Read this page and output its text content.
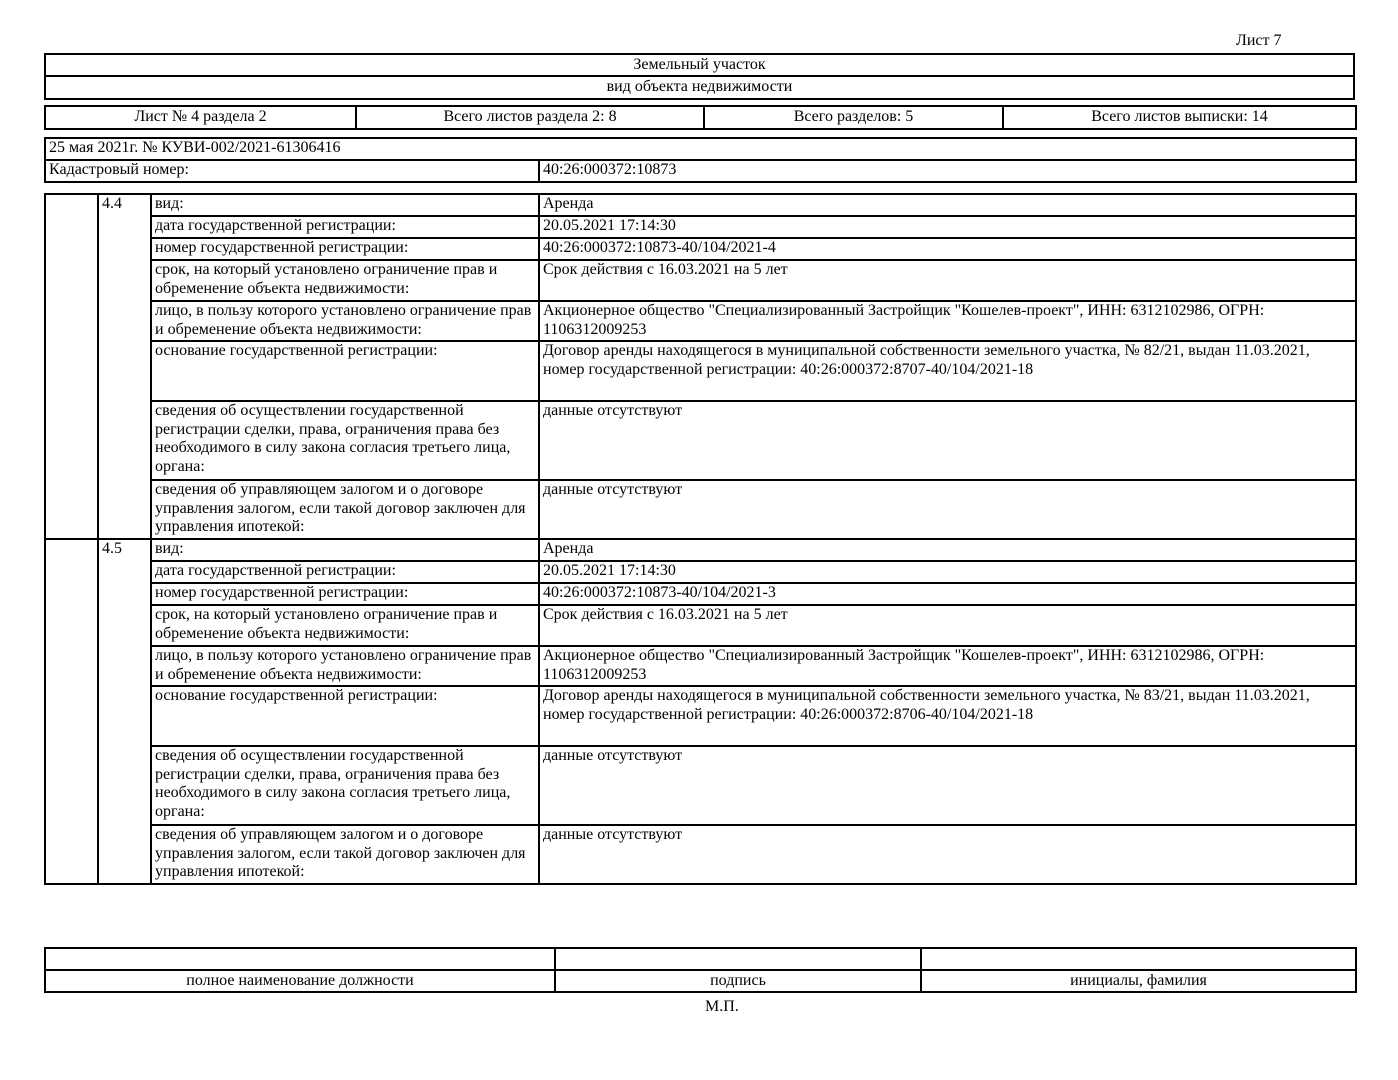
Лист 7
Земельный участок
вид объекта недвижимости
Лист № 4 раздела 2	Всего листов раздела 2: 8	Всего разделов: 5	Всего листов выписки: 14
25 мая 2021г. № КУВИ-002/2021-61306416
Кадастровый номер:	40:26:000372:10873
	4.4	вид:	Аренда
		дата государственной регистрации:	20.05.2021 17:14:30
		номер государственной регистрации:	40:26:000372:10873-40/104/2021-4
		срок, на который установлено ограничение прав и обременение объекта недвижимости:	Срок действия с 16.03.2021 на 5 лет
		лицо, в пользу которого установлено ограничение прав и обременение объекта недвижимости:	Акционерное общество "Специализированный Застройщик "Кошелев-проект", ИНН: 6312102986, ОГРН: 1106312009253
		основание государственной регистрации:	Договор аренды находящегося в муниципальной собственности земельного участка, № 82/21, выдан 11.03.2021, номер государственной регистрации: 40:26:000372:8707-40/104/2021-18
		сведения об осуществлении государственной регистрации сделки, права, ограничения права без необходимого в силу закона согласия третьего лица, органа:	данные отсутствуют
		сведения об управляющем залогом и о договоре управления залогом, если такой договор заключен для управления ипотекой:	данные отсутствуют
	4.5	вид:	Аренда
		дата государственной регистрации:	20.05.2021 17:14:30
		номер государственной регистрации:	40:26:000372:10873-40/104/2021-3
		срок, на который установлено ограничение прав и обременение объекта недвижимости:	Срок действия с 16.03.2021 на 5 лет
		лицо, в пользу которого установлено ограничение прав и обременение объекта недвижимости:	Акционерное общество "Специализированный Застройщик "Кошелев-проект", ИНН: 6312102986, ОГРН: 1106312009253
		основание государственной регистрации:	Договор аренды находящегося в муниципальной собственности земельного участка, № 83/21, выдан 11.03.2021, номер государственной регистрации: 40:26:000372:8706-40/104/2021-18
		сведения об осуществлении государственной регистрации сделки, права, ограничения права без необходимого в силу закона согласия третьего лица, органа:	данные отсутствуют
		сведения об управляющем залогом и о договоре управления залогом, если такой договор заключен для управления ипотекой:	данные отсутствуют

полное наименование должности	подпись	инициалы, фамилия
М.П.
